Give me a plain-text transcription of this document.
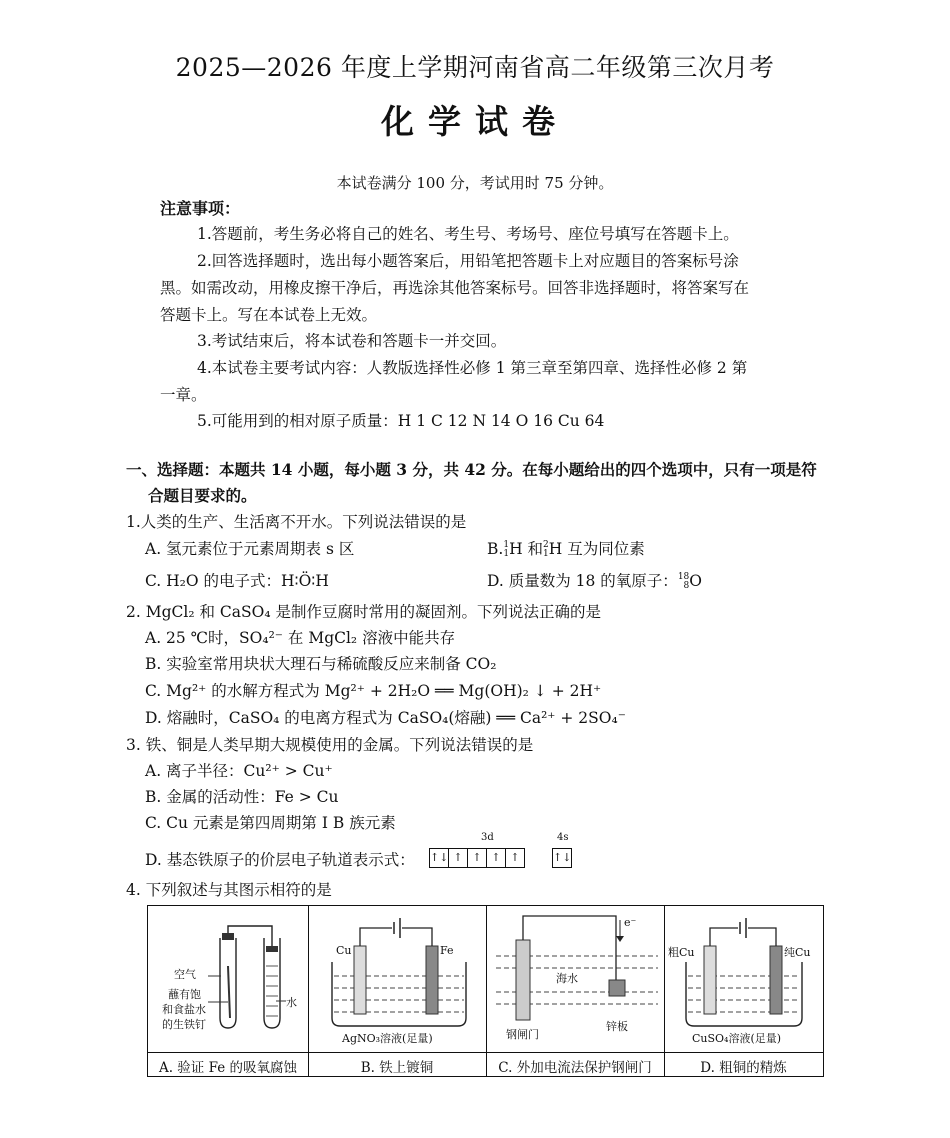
2025—2026 年度上学期河南省高二年级第三次月考
化学试卷
本试卷满分 100 分，考试用时 75 分钟。
注意事项：
1.答题前，考生务必将自己的姓名、考生号、考场号、座位号填写在答题卡上。
2.回答选择题时，选出每小题答案后，用铅笔把答题卡上对应题目的答案标号涂
黑。如需改动，用橡皮擦干净后，再选涂其他答案标号。回答非选择题时，将答案写在
答题卡上。写在本试卷上无效。
3.考试结束后，将本试卷和答题卡一并交回。
4.本试卷主要考试内容：人教版选择性必修 1 第三章至第四章、选择性必修 2 第
一章。
5.可能用到的相对原子质量：H 1 C 12 N 14 O 16 Cu 64
一、选择题：本题共 14 小题，每小题 3 分，共 42 分。在每小题给出的四个选项中，只有一项是符
合题目要求的。
1.人类的生产、生活离不开水。下列说法错误的是
A. 氢元素位于元素周期表 s 区	B.1
1H 和2
1H 互为同位素
C. H₂O 的电子式：H∶Ö∶H	D. 质量数为 18 的氧原子：18
8O
2. MgCl₂ 和 CaSO₄ 是制作豆腐时常用的凝固剂。下列说法正确的是
A. 25 ℃时，SO₄²⁻ 在 MgCl₂ 溶液中能共存
B. 实验室常用块状大理石与稀硫酸反应来制备 CO₂
C. Mg²⁺ 的水解方程式为 Mg²⁺ + 2H₂O ══ Mg(OH)₂ ↓ + 2H⁺
D. 熔融时，CaSO₄ 的电离方程式为 CaSO₄(熔融) ══ Ca²⁺ + 2SO₄⁻
3. 铁、铜是人类早期大规模使用的金属。下列说法错误的是
A. 离子半径：Cu²⁺ > Cu⁺
B. 金属的活动性：Fe > Cu
C. Cu 元素是第四周期第 Ⅰ B 族元素
D. 基态铁原子的价层电子轨道表示式：
3d	4s
↑↓ ↑ ↑ ↑ ↑	↑↓
4. 下列叙述与其图示相符的是
空气
蘸有饱
和食盐水
的生铁钉
水
Cu	Fe
AgNO₃溶液(足量)
e⁻
海水
钢闸门
锌板
粗Cu	纯Cu
CuSO₄溶液(足量)
A. 验证 Fe 的吸氧腐蚀	B. 铁上镀铜	C. 外加电流法保护钢闸门	D. 粗铜的精炼
